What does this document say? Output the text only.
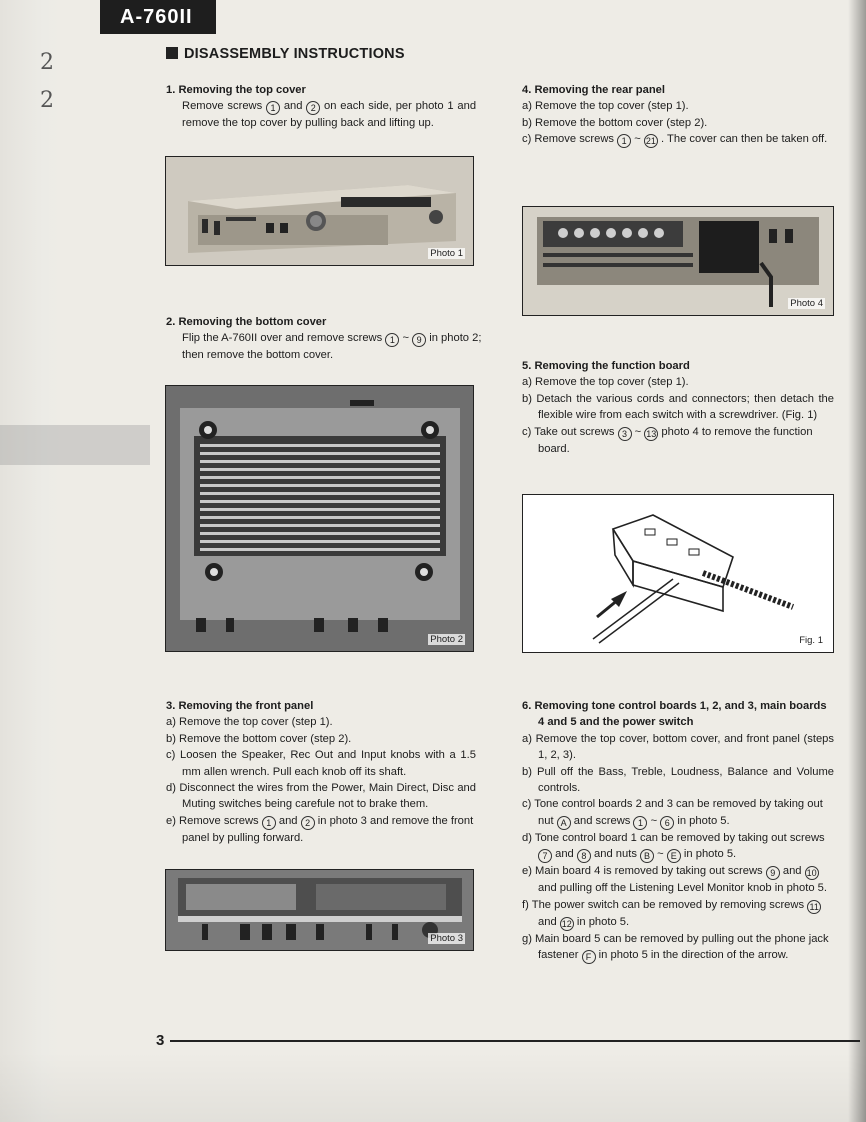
2
2
A-760II
DISASSEMBLY INSTRUCTIONS

1. Removing the top cover

Remove screws 1 and 2 on each side, per photo 1 and remove the top cover by pulling back and lifting up.

Photo 1

2. Removing the bottom cover

Flip the A-760II over and remove screws 1 ~ 9 in photo 2; then remove the bottom cover.

Photo 2

3. Removing the front panel

a) Remove the top cover (step 1).

b) Remove the bottom cover (step 2).

c) Loosen the Speaker, Rec Out and Input knobs with a 1.5 mm allen wrench. Pull each knob off its shaft.

d) Disconnect the wires from the Power, Main Direct, Disc and Muting switches being carefule not to brake them.

e) Remove screws 1 and 2 in photo 3 and remove the front panel by pulling forward.

Photo 3

4. Removing the rear panel

a) Remove the top cover (step 1).

b) Remove the bottom cover (step 2).

c) Remove screws 1 ~ 21 . The cover can then be taken off.

Photo 4

5. Removing the function board

a) Remove the top cover (step 1).

b) Detach the various cords and connectors; then detach the flexible wire from each switch with a screwdriver. (Fig. 1)

c) Take out screws 3 ~ 13 photo 4 to remove the function board.

Fig. 1

6. Removing tone control boards 1, 2, and 3, main boards 4 and 5 and the power switch

a) Remove the top cover, bottom cover, and front panel (steps 1, 2, 3).

b) Pull off the Bass, Treble, Loudness, Balance and Volume controls.

c) Tone control boards 2 and 3 can be removed by taking out nut A and screws 1 ~ 6 in photo 5.

d) Tone control board 1 can be removed by taking out screws 7 and 8 and nuts B ~ E in photo 5.

e) Main board 4 is removed by taking out screws 9 and 10 and pulling off the Listening Level Monitor knob in photo 5.

f) The power switch can be removed by removing screws 11 and 12 in photo 5.

g) Main board 5 can be removed by pulling out the phone jack fastener F in photo 5 in the direction of the arrow.

3
